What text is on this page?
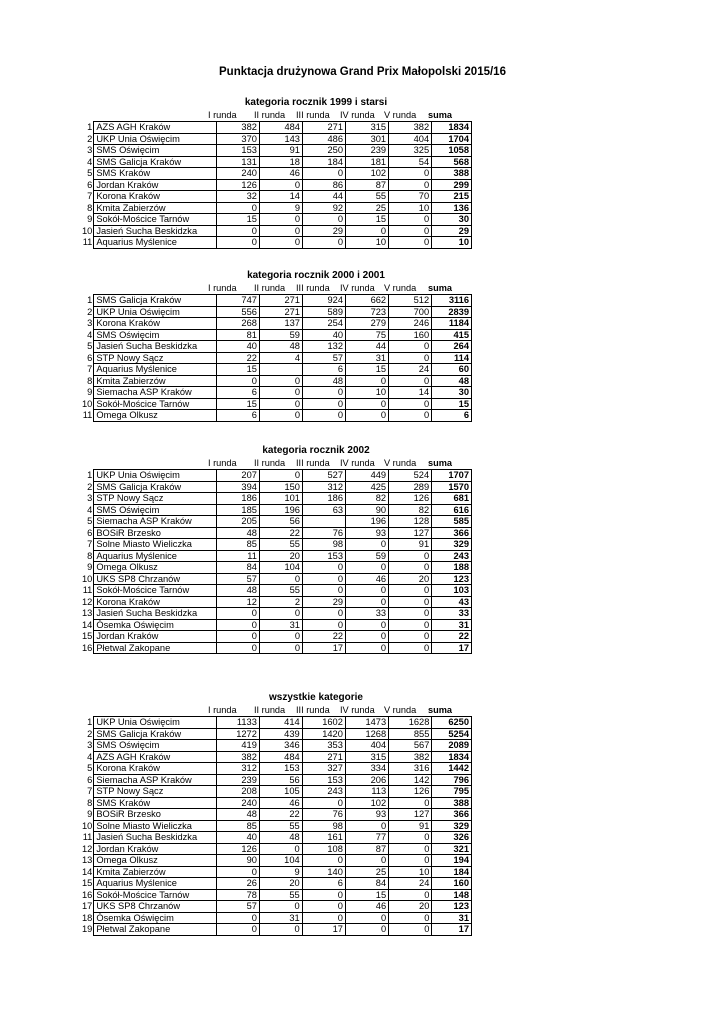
Punktacja drużynowa Grand Prix Małopolski 2015/16
kategoria rocznik 1999 i starsi
I runda II runda III runda IV runda V runda suma
1	AZS AGH Kraków	382	484	271	315	382	1834
2	UKP Unia Oświęcim	370	143	486	301	404	1704
3	SMS Oświęcim	153	91	250	239	325	1058
4	SMS Galicja Kraków	131	18	184	181	54	568
5	SMS Kraków	240	46	0	102	0	388
6	Jordan Kraków	126	0	86	87	0	299
7	Korona Kraków	32	14	44	55	70	215
8	Kmita Zabierzów	0	9	92	25	10	136
9	Sokół-Mościce Tarnów	15	0	0	15	0	30
10	Jasień Sucha Beskidzka	0	0	29	0	0	29
11	Aquarius Myślenice	0	0	0	10	0	10
kategoria rocznik 2000 i 2001
I runda II runda III runda IV runda V runda suma
1	SMS Galicja Kraków	747	271	924	662	512	3116
2	UKP Unia Oświęcim	556	271	589	723	700	2839
3	Korona Kraków	268	137	254	279	246	1184
4	SMS Oświęcim	81	59	40	75	160	415
5	Jasień Sucha Beskidzka	40	48	132	44	0	264
6	STP Nowy Sącz	22	4	57	31	0	114
7	Aquarius Myślenice	15		6	15	24	60
8	Kmita Zabierzów	0	0	48	0	0	48
9	Siemacha ASP Kraków	6	0	0	10	14	30
10	Sokół-Mościce Tarnów	15	0	0	0	0	15
11	Omega Olkusz	6	0	0	0	0	6
kategoria rocznik 2002
I runda II runda III runda IV runda V runda suma
1	UKP Unia Oświęcim	207	0	527	449	524	1707
2	SMS Galicja Kraków	394	150	312	425	289	1570
3	STP Nowy Sącz	186	101	186	82	126	681
4	SMS Oświęcim	185	196	63	90	82	616
5	Siemacha ASP Kraków	205	56		196	128	585
6	BOSiR Brzesko	48	22	76	93	127	366
7	Solne Miasto Wieliczka	85	55	98	0	91	329
8	Aquarius Myślenice	11	20	153	59	0	243
9	Omega Olkusz	84	104	0	0	0	188
10	UKS SP8 Chrzanów	57	0	0	46	20	123
11	Sokół-Mościce Tarnów	48	55	0	0	0	103
12	Korona Kraków	12	2	29	0	0	43
13	Jasień Sucha Beskidzka	0	0	0	33	0	33
14	Ósemka Oświęcim	0	31	0	0	0	31
15	Jordan Kraków	0	0	22	0	0	22
16	Płetwal Zakopane	0	0	17	0	0	17
wszystkie kategorie
I runda II runda III runda IV runda V runda suma
1	UKP Unia Oświęcim	1133	414	1602	1473	1628	6250
2	SMS Galicja Kraków	1272	439	1420	1268	855	5254
3	SMS Oświęcim	419	346	353	404	567	2089
4	AZS AGH Kraków	382	484	271	315	382	1834
5	Korona Kraków	312	153	327	334	316	1442
6	Siemacha ASP Kraków	239	56	153	206	142	796
7	STP Nowy Sącz	208	105	243	113	126	795
8	SMS Kraków	240	46	0	102	0	388
9	BOSiR Brzesko	48	22	76	93	127	366
10	Solne Miasto Wieliczka	85	55	98	0	91	329
11	Jasień Sucha Beskidzka	40	48	161	77	0	326
12	Jordan Kraków	126	0	108	87	0	321
13	Omega Olkusz	90	104	0	0	0	194
14	Kmita Zabierzów	0	9	140	25	10	184
15	Aquarius Myślenice	26	20	6	84	24	160
16	Sokół-Mościce Tarnów	78	55	0	15	0	148
17	UKS SP8 Chrzanów	57	0	0	46	20	123
18	Ósemka Oświęcim	0	31	0	0	0	31
19	Płetwal Zakopane	0	0	17	0	0	17
